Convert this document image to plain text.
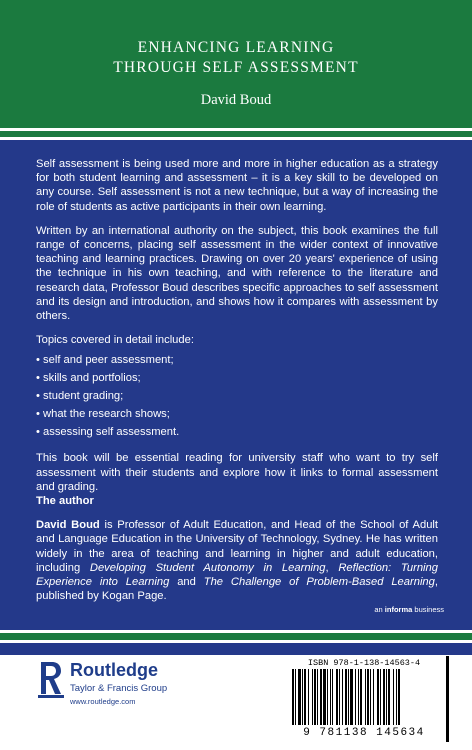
ENHANCING LEARNING
THROUGH SELF ASSESSMENT
David Boud

Self assessment is being used more and more in higher education as a strategy for both student learning and assessment – it is a key skill to be developed on any course. Self assessment is not a new technique, but a way of increasing the role of students as active participants in their own learning.

Written by an international authority on the subject, this book examines the full range of concerns, placing self assessment in the wider context of innovative teaching and learning practices. Drawing on over 20 years' experience of using the technique in his own teaching, and with reference to the literature and research data, Professor Boud describes specific approaches to self assessment and its design and introduction, and shows how it compares with assessment by others.

Topics covered in detail include:

• self and peer assessment;
• skills and portfolios;
• student grading;
• what the research shows;
• assessing self assessment.

This book will be essential reading for university staff who want to try self assessment with their students and explore how it links to formal assessment and grading.

The author

David Boud is Professor of Adult Education, and Head of the School of Adult and Language Education in the University of Technology, Sydney. He has written widely in the area of teaching and learning in higher and adult education, including Developing Student Autonomy in Learning, Reflection: Turning Experience into Learning and The Challenge of Problem-Based Learning, published by Kogan Page.

an informa business
Routledge
Taylor & Francis Group
www.routledge.com
ISBN 978-1-138-14563-4
9 781138 145634
